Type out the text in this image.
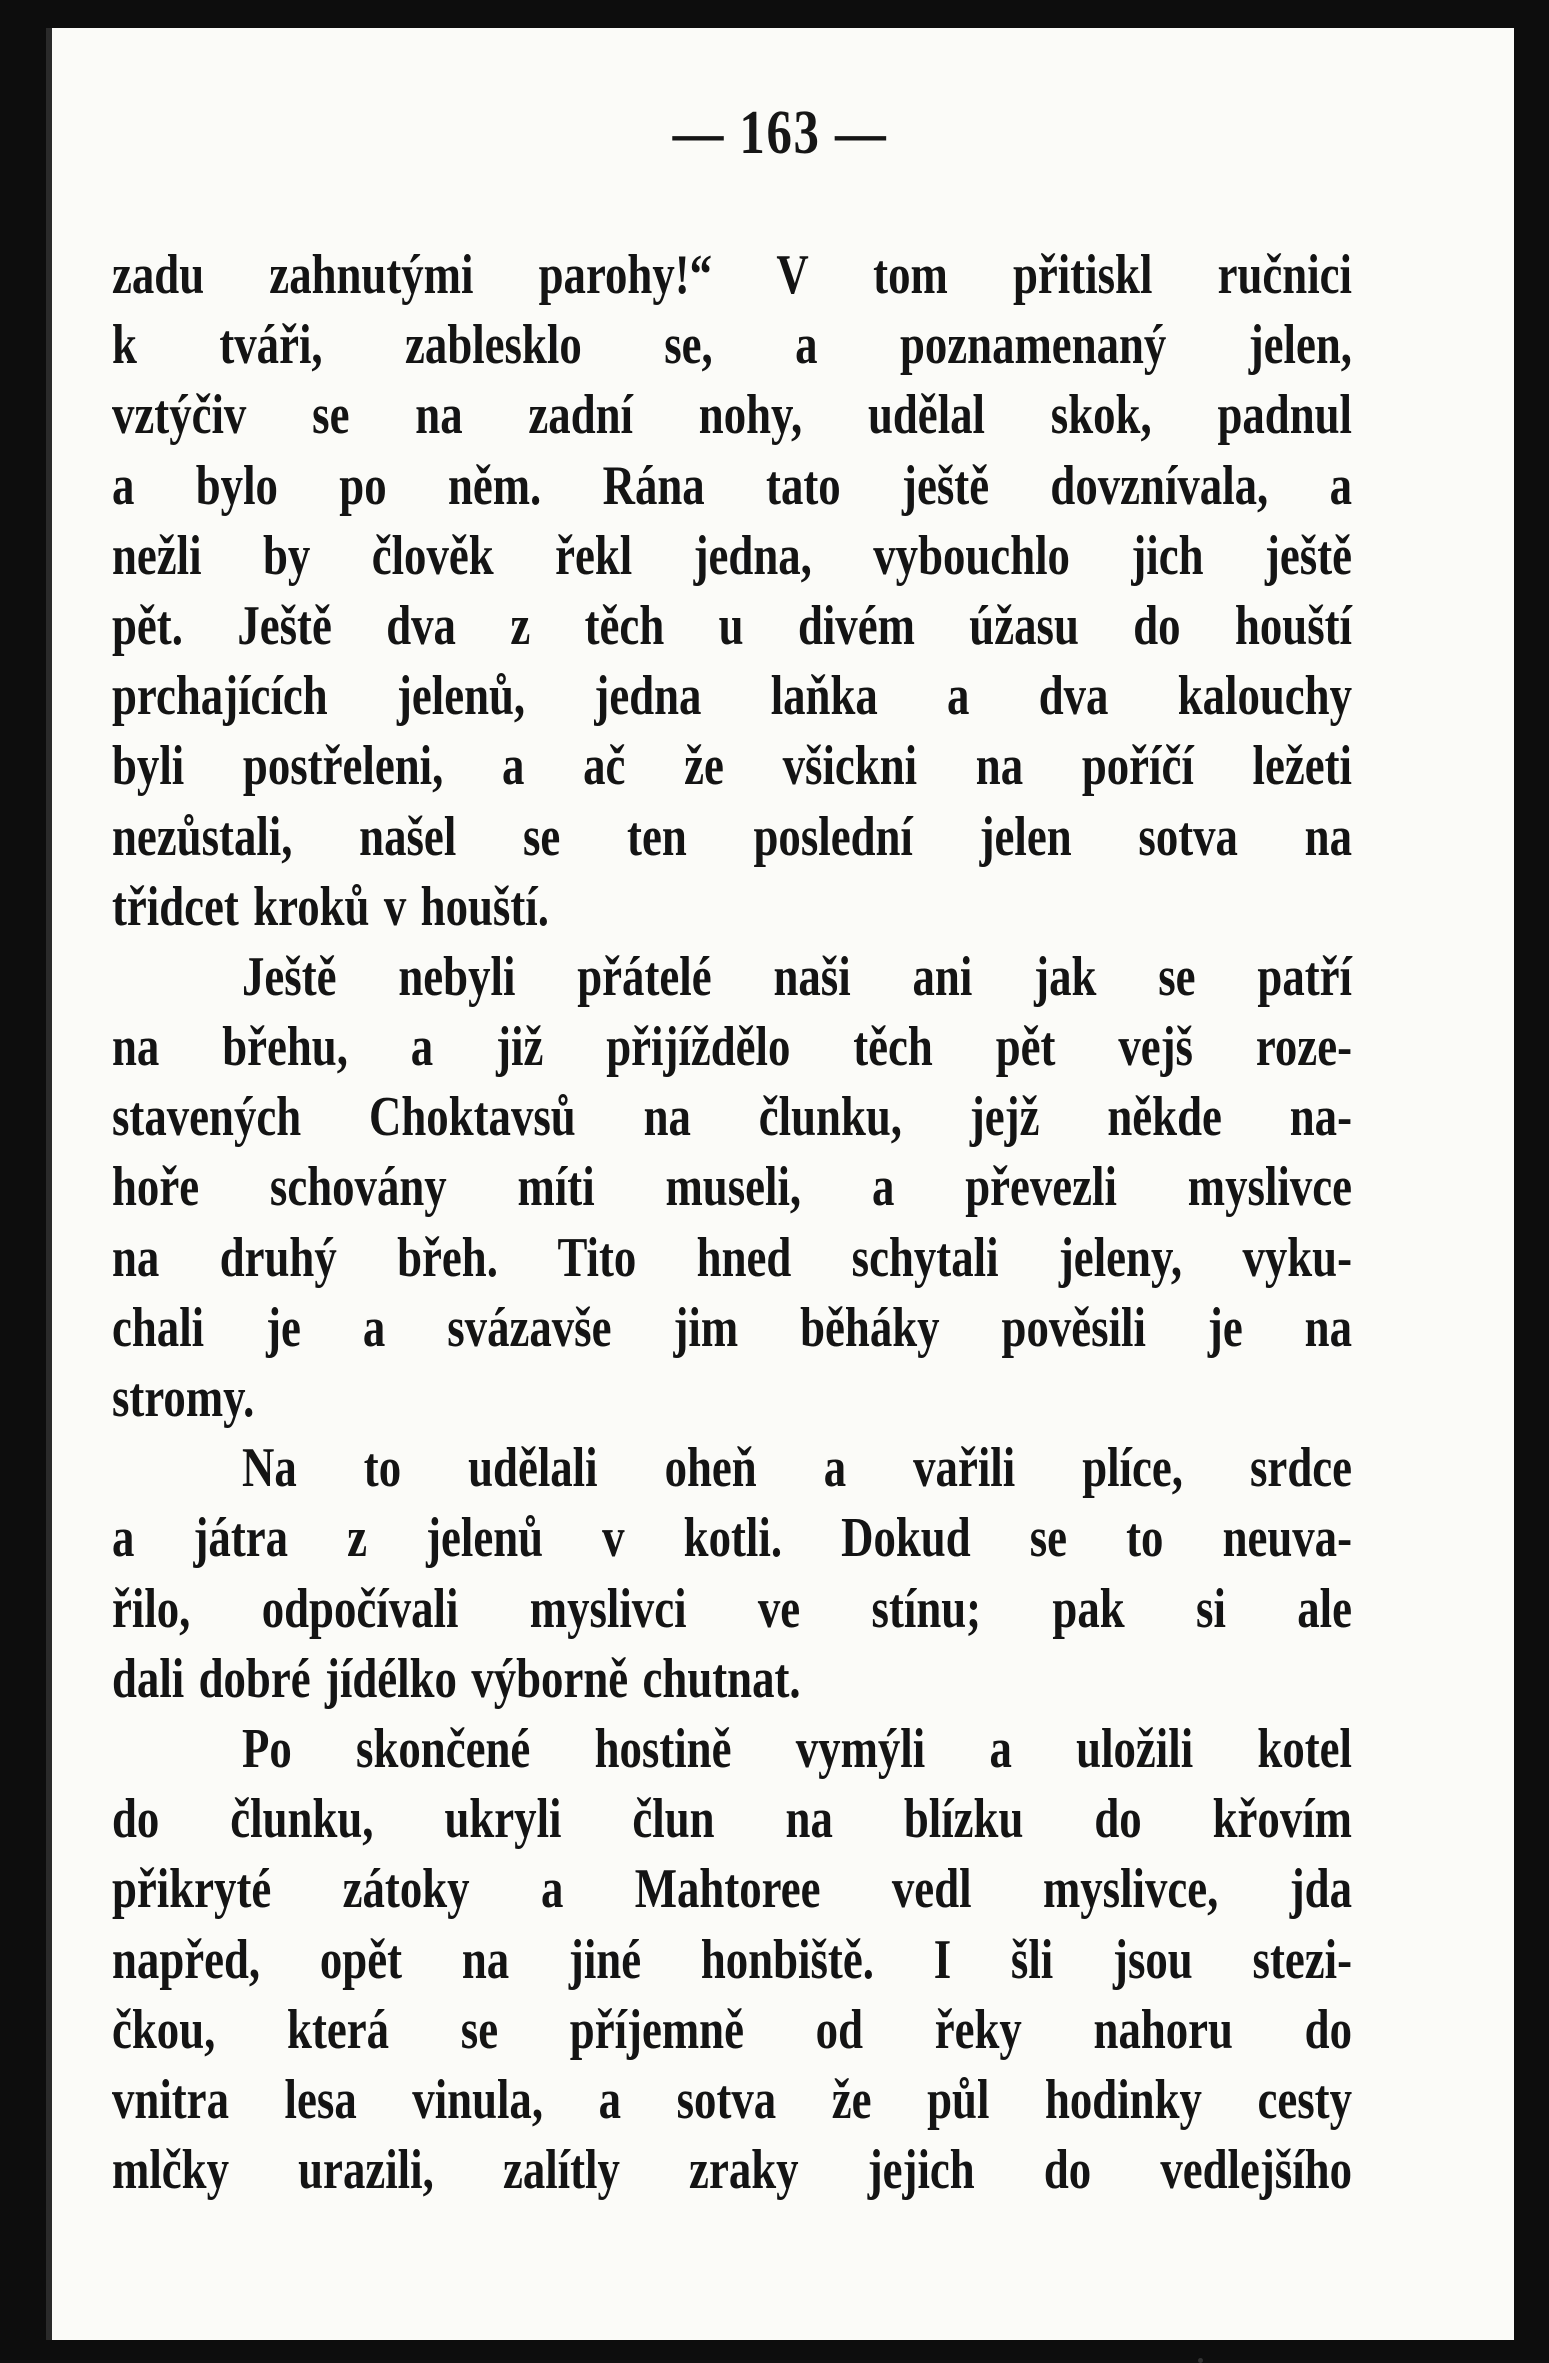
— 163 —
zadu zahnutými parohy!“ V tom přitiskl ručnici
k tváři, zablesklo se, a poznamenaný jelen,
vztýčiv se na zadní nohy, udělal skok, padnul
a bylo po něm. Rána tato ještě dovznívala, a
nežli by člověk řekl jedna, vybouchlo jich ještě
pět. Ještě dva z těch u divém úžasu do houští
prchajících jelenů, jedna laňka a dva kalouchy
byli postřeleni, a ač že všickni na poříčí ležeti
nezůstali, našel se ten poslední jelen sotva na
třidcet kroků v houští.
Ještě nebyli přátelé naši ani jak se patří
na břehu, a již přijíždělo těch pět vejš roze-
stavených Choktavsů na člunku, jejž někde na-
hoře schovány míti museli, a převezli myslivce
na druhý břeh. Tito hned schytali jeleny, vyku-
chali je a svázavše jim běháky pověsili je na
stromy.
Na to udělali oheň a vařili plíce, srdce
a játra z jelenů v kotli. Dokud se to neuva-
řilo, odpočívali myslivci ve stínu; pak si ale
dali dobré jídélko výborně chutnat.
Po skončené hostině vymýli a uložili kotel
do člunku, ukryli člun na blízku do křovím
přikryté zátoky a Mahtoree vedl myslivce, jda
napřed, opět na jiné honbiště. I šli jsou stezi-
čkou, která se příjemně od řeky nahoru do
vnitra lesa vinula, a sotva že půl hodinky cesty
mlčky urazili, zalítly zraky jejich do vedlejšího
